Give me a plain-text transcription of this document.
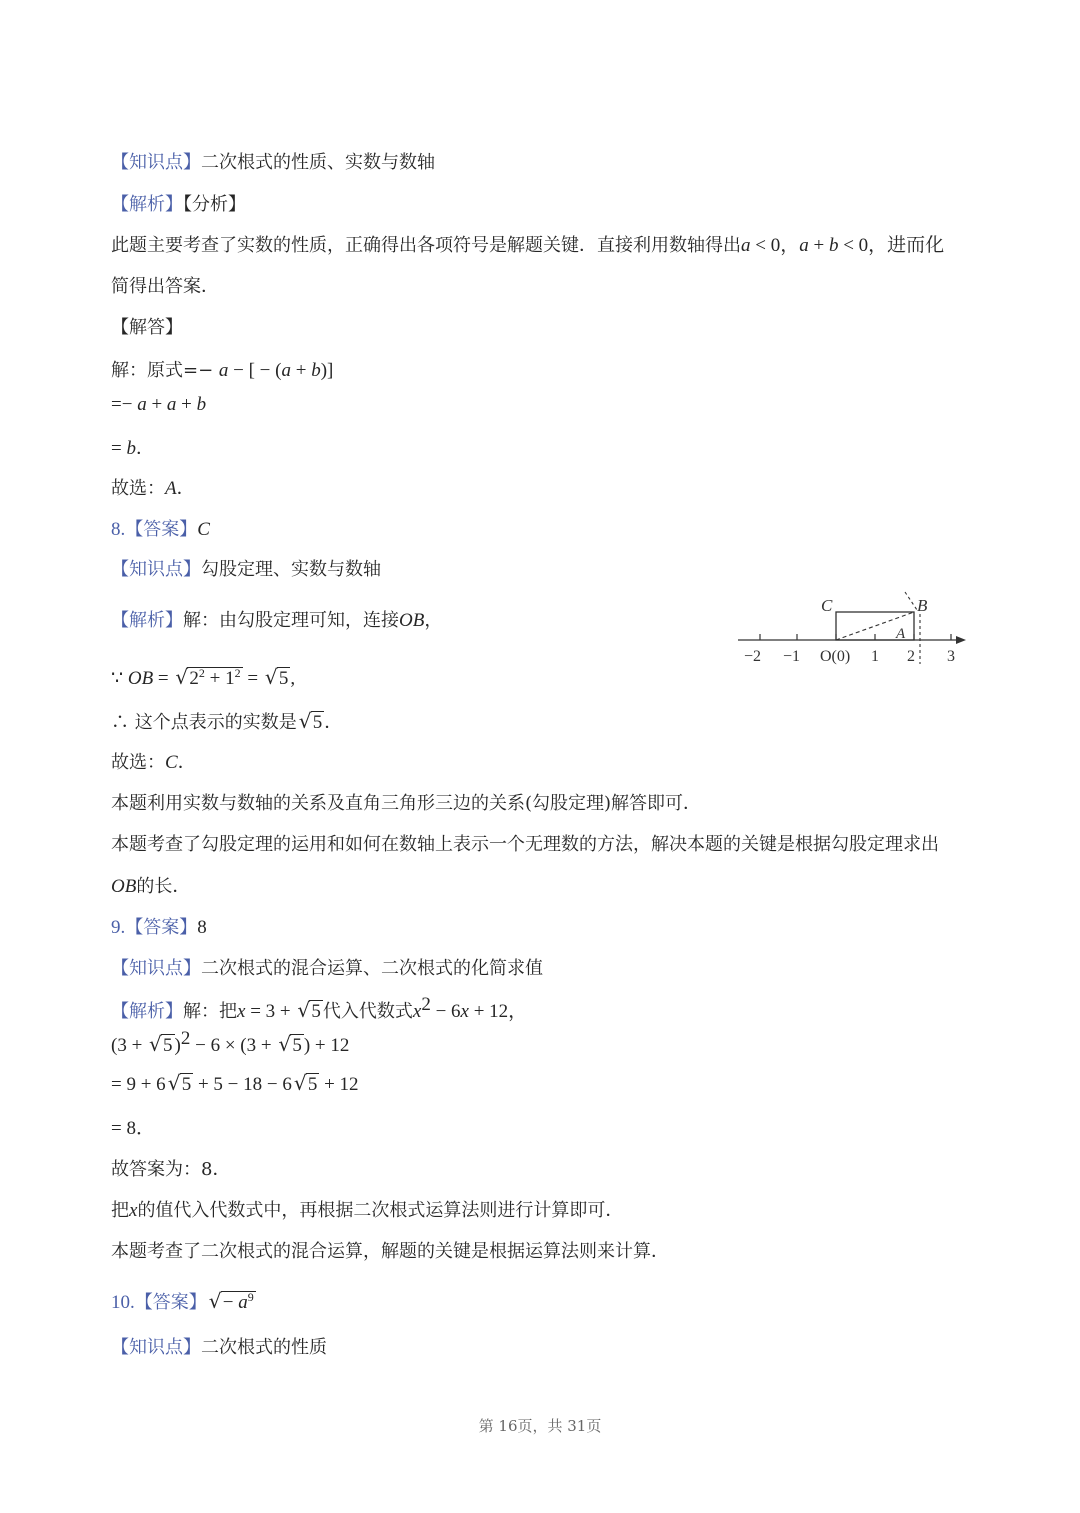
【知识点】二次根式的性质、实数与数轴
【解析】【分析】
此题主要考查了实数的性质，正确得出各项符号是解题关键．直接利用数轴得出a < 0，a + b < 0，进而化
简得出答案．
【解答】
解：原式=− a − [ − (a + b)]
=− a + a + b
= b．
故选：A．
8.【答案】C
【知识点】勾股定理、实数与数轴
【解析】解：由勾股定理可知，连接OB，
∵ OB = √ $2^2 + 1^2$ = √ 5 ,
∴ 这个点表示的实数是 √ 5 ．
故选：C．
本题利用实数与数轴的关系及直角三角形三边的关系(勾股定理)解答即可．
本题考查了勾股定理的运用和如何在数轴上表示一个无理数的方法，解决本题的关键是根据勾股定理求出
OB的长．
C	B
A
O(0)
−2 −1	1 2 3
9.【答案】8
【知识点】二次根式的混合运算、二次根式的化简求值
【解析】解：把x = 3 + √ 5 代入代数式$x^2 - 6x + 12$，
(3 + √ 5 )$^2$ − 6 × (3 + √ 5 ) + 12
= 9 + 6 √ 5 + 5 − 18 − 6 √ 5 + 12
= 8．
故答案为：8．
把x的值代入代数式中，再根据二次根式运算法则进行计算即可．
本题考查了二次根式的混合运算，解题的关键是根据运算法则来计算．
10.【答案】 √ − $a^9$
【知识点】二次根式的性质
第 16页，共 31页
